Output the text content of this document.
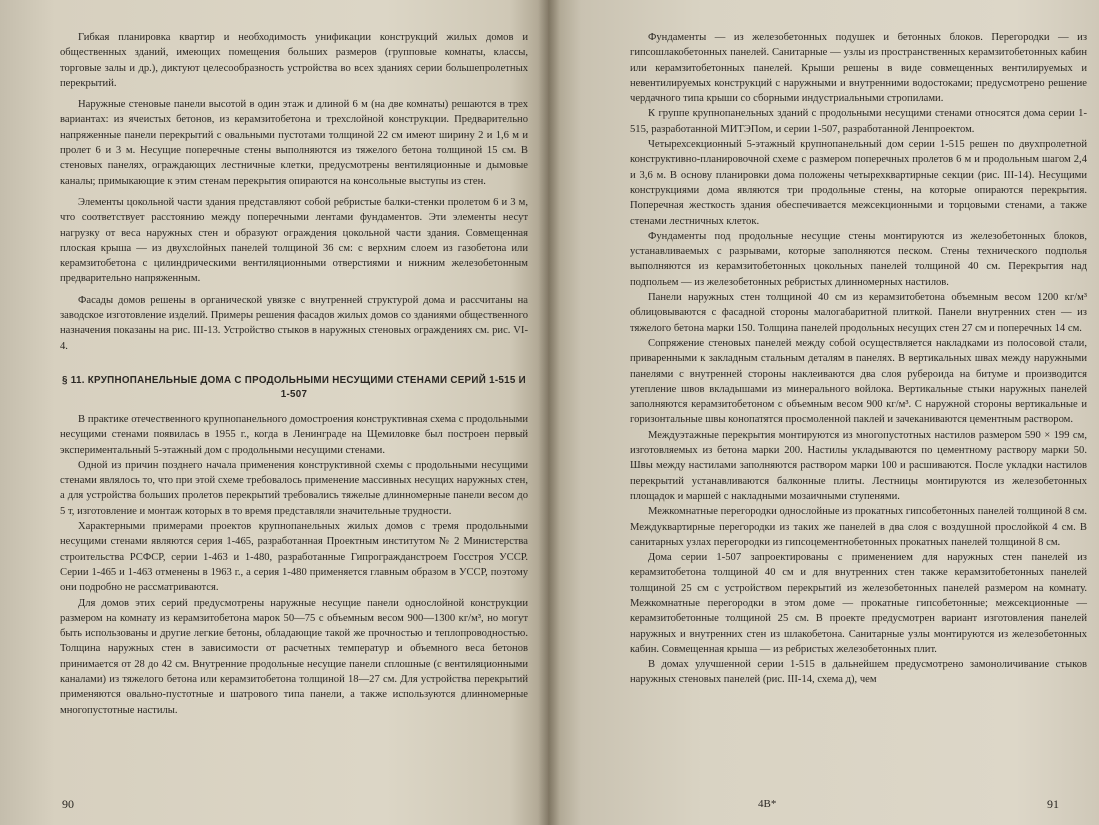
Гибкая планировка квартир и необходимость унификации конструкций жилых домов и общественных зданий, имеющих помещения больших размеров (групповые комнаты, классы, торговые залы и др.), диктуют целесообразность устройства во всех зданиях серии большепролетных перекрытий.

Наружные стеновые панели высотой в один этаж и длиной 6 м (на две комнаты) решаются в трех вариантах: из ячеистых бетонов, из керамзитобетона и трехслойной конструкции. Предварительно напряженные панели перекрытий с овальными пустотами толщиной 22 см имеют ширину 2 и 1,6 м и пролет 6 и 3 м. Несущие поперечные стены выполняются из тяжелого бетона толщиной 15 см. В стеновых панелях, ограждающих лестничные клетки, предусмотрены вентиляционные и дымовые каналы; примыкающие к этим стенам перекрытия опираются на консольные выступы из стен.

Элементы цокольной части здания представляют собой ребристые балки-стенки пролетом 6 и 3 м, что соответствует расстоянию между поперечными лентами фундаментов. Эти элементы несут нагрузку от веса наружных стен и образуют ограждения цокольной части здания. Совмещенная плоская крыша — из двухслойных панелей толщиной 36 см: с верхним слоем из газобетона или керамзитобетона с цилиндрическими вентиляционными отверстиями и нижним железобетонным предварительно напряженным.

Фасады домов решены в органической увязке с внутренней структурой дома и рассчитаны на заводское изготовление изделий. Примеры решения фасадов жилых домов со зданиями общественного назначения показаны на рис. III-13. Устройство стыков в наружных стеновых ограждениях см. рис. VI-4.

§ 11. КРУПНОПАНЕЛЬНЫЕ ДОМА С ПРОДОЛЬНЫМИ НЕСУЩИМИ СТЕНАМИ СЕРИЙ 1-515 И 1-507

В практике отечественного крупнопанельного домостроения конструктивная схема с продольными несущими стенами появилась в 1955 г., когда в Ленинграде на Щемиловке был построен первый экспериментальный 5-этажный дом с продольными несущими стенами.

Одной из причин позднего начала применения конструктивной схемы с продольными несущими стенами являлось то, что при этой схеме требовалось применение массивных несущих наружных стен, а для устройства больших пролетов перекрытий требовались тяжелые длинномерные панели весом до 5 т, изготовление и монтаж которых в то время представляли значительные трудности.

Характерными примерами проектов крупнопанельных жилых домов с тремя продольными несущими стенами являются серия 1-465, разработанная Проектным институтом № 2 Министерства строительства РСФСР, серии 1-463 и 1-480, разработанные Гипрогражданстроем Госстроя УССР. Серии 1-465 и 1-463 отменены в 1963 г., а серия 1-480 применяется главным образом в УССР, поэтому они подробно не рассматриваются.

Для домов этих серий предусмотрены наружные несущие панели однослойной конструкции размером на комнату из керамзитобетона марок 50—75 с объемным весом 900—1300 кг/м³, но могут быть использованы и другие легкие бетоны, обладающие такой же прочностью и теплопроводностью. Толщина наружных стен в зависимости от расчетных температур и объемного веса бетонов принимается от 28 до 42 см. Внутренние продольные несущие панели сплошные (с вентиляционными каналами) из тяжелого бетона или керамзитобетона толщиной 18—27 см. Для устройства перекрытий применяются овально-пустотные и шатрового типа панели, а также используются длинномерные многопустотные настилы.

90

Фундаменты — из железобетонных подушек и бетонных блоков. Перегородки — из гипсошлакобетонных панелей. Санитарные — узлы из пространственных керамзитобетонных кабин или керамзитобетонных панелей. Крыши решены в виде совмещенных вентилируемых и невентилируемых конструкций с наружными и внутренними водостоками; предусмотрено решение чердачного типа крыши со сборными индустриальными стропилами.

К группе крупнопанельных зданий с продольными несущими стенами относятся дома серии 1-515, разработанной МИТЭПом, и серии 1-507, разработанной Ленпроектом.

Четырехсекционный 5-этажный крупнопанельный дом серии 1-515 решен по двухпролетной конструктивно-планировочной схеме с размером поперечных пролетов 6 м и продольным шагом 2,4 и 3,6 м. В основу планировки дома положены четырехквартирные секции (рис. III-14). Несущими конструкциями дома являются три продольные стены, на которые опираются перекрытия. Поперечная жесткость здания обеспечивается межсекционными и торцовыми стенами, а также стенами лестничных клеток.

Фундаменты под продольные несущие стены монтируются из железобетонных блоков, устанавливаемых с разрывами, которые заполняются песком. Стены технического подполья выполняются из керамзитобетонных цокольных панелей толщиной 40 см. Перекрытия над подпольем — из железобетонных ребристых длинномерных настилов.

Панели наружных стен толщиной 40 см из керамзитобетона объемным весом 1200 кг/м³ облицовываются с фасадной стороны малогабаритной плиткой. Панели внутренних стен — из тяжелого бетона марки 150. Толщина панелей продольных несущих стен 27 см и поперечных 14 см.

Сопряжение стеновых панелей между собой осуществляется накладками из полосовой стали, приваренными к закладным стальным деталям в панелях. В вертикальных швах между наружными панелями с внутренней стороны наклеиваются два слоя рубероида на битуме и производится утепление швов вкладышами из минерального войлока. Вертикальные стыки наружных панелей заполняются керамзитобетоном с объемным весом 900 кг/м³. С наружной стороны вертикальные и горизонтальные швы конопатятся просмоленной паклей и зачеканиваются цементным раствором.

Междуэтажные перекрытия монтируются из многопустотных настилов размером 590 × 199 см, изготовляемых из бетона марки 200. Настилы укладываются по цементному раствору марки 50. Швы между настилами заполняются раствором марки 100 и расшиваются. После укладки настилов перекрытий устанавливаются балконные плиты. Лестницы монтируются из железобетонных площадок и маршей с накладными мозаичными ступенями.

Межкомнатные перегородки однослойные из прокатных гипсобетонных панелей толщиной 8 см. Междуквартирные перегородки из таких же панелей в два слоя с воздушной прослойкой 4 см. В санитарных узлах перегородки из гипсоцементнобетонных прокатных панелей толщиной 8 см.

Дома серии 1-507 запроектированы с применением для наружных стен панелей из керамзитобетона толщиной 40 см и для внутренних стен также керамзитобетонных панелей толщиной 25 см с устройством перекрытий из железобетонных панелей размером на комнату. Межкомнатные перегородки в этом доме — прокатные гипсобетонные; межсекционные — керамзитобетонные толщиной 25 см. В проекте предусмотрен вариант изготовления панелей наружных и внутренних стен из шлакобетона. Санитарные узлы монтируются из железобетонных кабин. Совмещенная крыша — из ребристых железобетонных плит.

В домах улучшенной серии 1-515 в дальнейшем предусмотрено замоноличивание стыков наружных стеновых панелей (рис. III-14, схема д), чем

4В*	91
